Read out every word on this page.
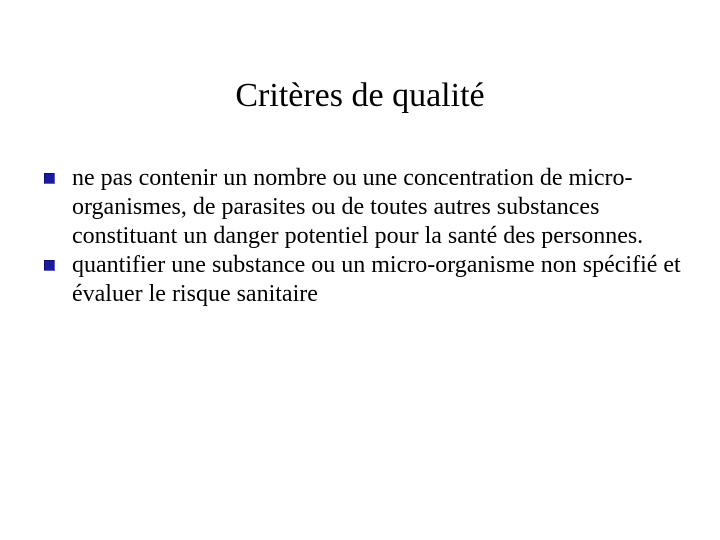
Critères de qualité
ne pas contenir un nombre ou une concentration de micro-organismes, de parasites ou de toutes autres substances constituant un danger potentiel pour la santé des personnes.
quantifier une substance ou un micro-organisme non spécifié et évaluer le risque sanitaire
